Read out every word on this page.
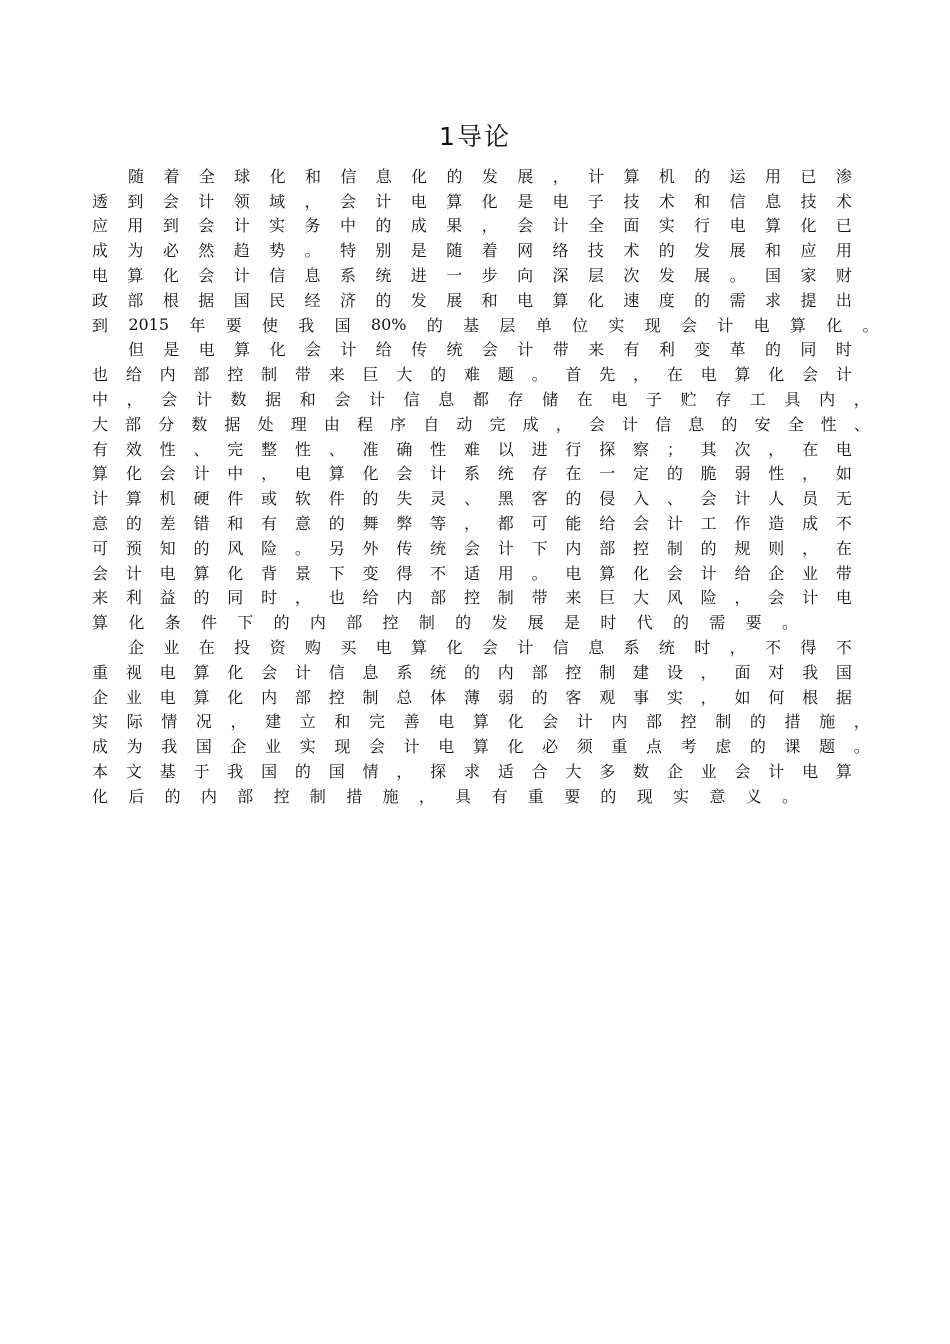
1导论
随 着 全 球 化 和 信 息 化 的 发 展 ， 计 算 机 的 运 用 已 渗
透 到 会 计 领 域 ， 会 计 电 算 化 是 电 子 技 术 和 信 息 技 术
应 用 到 会 计 实 务 中 的 成 果 ， 会 计 全 面 实 行 电 算 化 已
成 为 必 然 趋 势 。 特 别 是 随 着 网 络 技 术 的 发 展 和 应 用
电 算 化 会 计 信 息 系 统 进 一 步 向 深 层 次 发 展 。 国 家 财
政 部 根 据 国 民 经 济 的 发 展 和 电 算 化 速 度 的 需 求 提 出
到 2015 年 要 使 我 国 80% 的 基 层 单 位 实 现 会 计 电 算 化 。
但 是 电 算 化 会 计 给 传 统 会 计 带 来 有 利 变 革 的 同 时
也 给 内 部 控 制 带 来 巨 大 的 难 题 。 首 先 ， 在 电 算 化 会 计
中 ， 会 计 数 据 和 会 计 信 息 都 存 储 在 电 子 贮 存 工 具 内 ，
大 部 分 数 据 处 理 由 程 序 自 动 完 成 ， 会 计 信 息 的 安 全 性 、
有 效 性 、 完 整 性 、 准 确 性 难 以 进 行 探 察 ； 其 次 ， 在 电
算 化 会 计 中 ， 电 算 化 会 计 系 统 存 在 一 定 的 脆 弱 性 ， 如
计 算 机 硬 件 或 软 件 的 失 灵 、 黑 客 的 侵 入 、 会 计 人 员 无
意 的 差 错 和 有 意 的 舞 弊 等 ， 都 可 能 给 会 计 工 作 造 成 不
可 预 知 的 风 险 。 另 外 传 统 会 计 下 内 部 控 制 的 规 则 ， 在
会 计 电 算 化 背 景 下 变 得 不 适 用 。 电 算 化 会 计 给 企 业 带
来 利 益 的 同 时 ， 也 给 内 部 控 制 带 来 巨 大 风 险 ， 会 计 电
算 化 条 件 下 的 内 部 控 制 的 发 展 是 时 代 的 需 要 。
企 业 在 投 资 购 买 电 算 化 会 计 信 息 系 统 时 ， 不 得 不
重 视 电 算 化 会 计 信 息 系 统 的 内 部 控 制 建 设 ， 面 对 我 国
企 业 电 算 化 内 部 控 制 总 体 薄 弱 的 客 观 事 实 ， 如 何 根 据
实 际 情 况 ， 建 立 和 完 善 电 算 化 会 计 内 部 控 制 的 措 施 ，
成 为 我 国 企 业 实 现 会 计 电 算 化 必 须 重 点 考 虑 的 课 题 。
本 文 基 于 我 国 的 国 情 ， 探 求 适 合 大 多 数 企 业 会 计 电 算
化 后 的 内 部 控 制 措 施 ， 具 有 重 要 的 现 实 意 义 。
